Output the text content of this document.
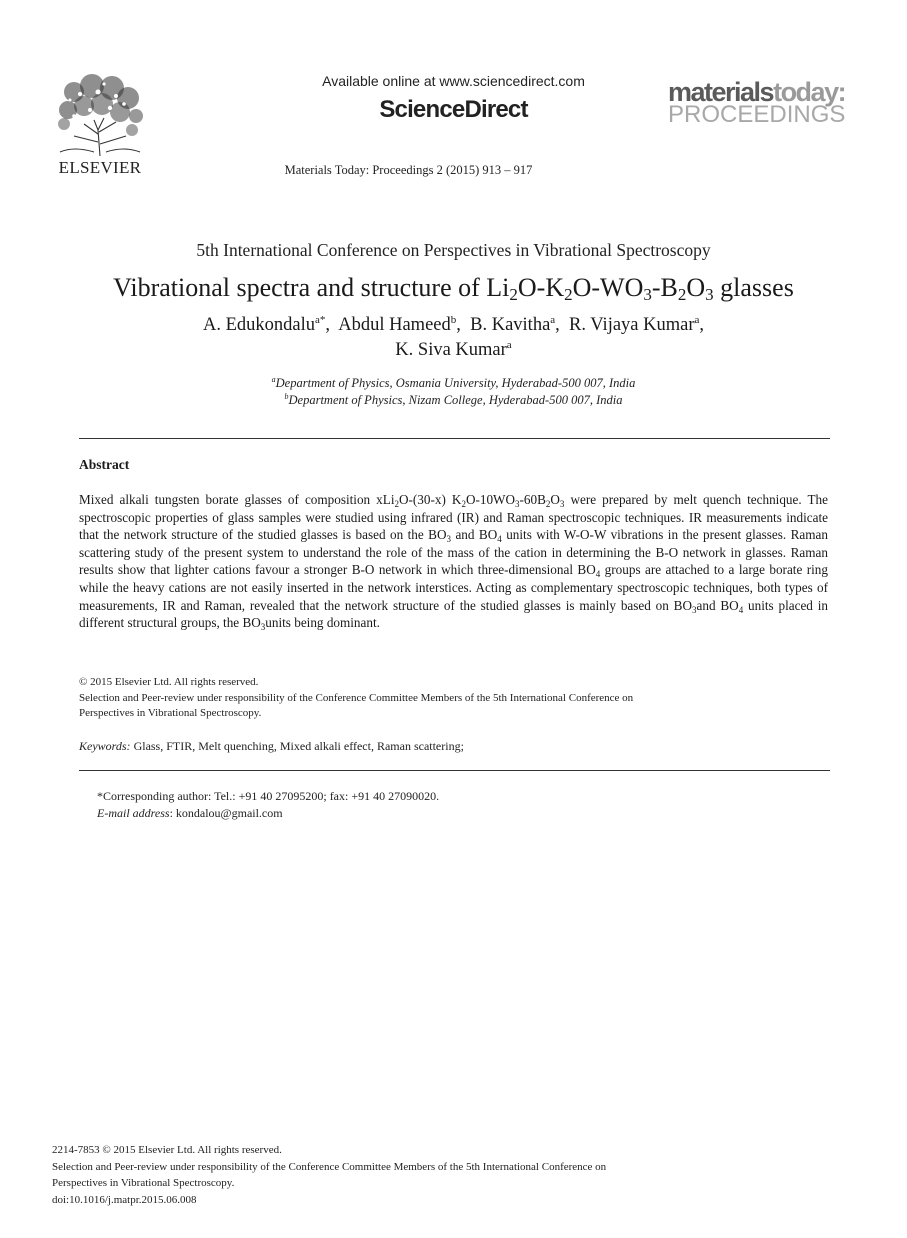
ELSEVIER
Available online at www.sciencedirect.com
ScienceDirect
Materials Today: Proceedings 2 (2015) 913 – 917
materialstoday:
PROCEEDINGS
5th International Conference on Perspectives in Vibrational Spectroscopy
Vibrational spectra and structure of $Li_2O-K_2O-WO_3-B_2O_3$ glasses
A. Edukondalu$^{a*}$,  Abdul Hameed$^b$,  B. Kavitha$^a$,  R. Vijaya Kumar$^a$,
K. Siva Kumar$^a$
$^a$Department of Physics, Osmania University, Hyderabad-500 007, India
$^b$Department of Physics, Nizam College, Hyderabad-500 007, India
Abstract
Mixed alkali tungsten borate glasses of composition xLi$_2$O-(30-x) $K_2O-10WO_3-60B_2O_3$ were prepared by melt quench technique. The spectroscopic properties of glass samples were studied using infrared (IR) and Raman spectroscopic techniques. IR measurements indicate that the network structure of the studied glasses is based on the $BO_3$ and $BO_4$ units with W-O-W vibrations in the present glasses. Raman scattering study of the present system to understand the role of the mass of the cation in determining the B-O network in glasses. Raman results show that lighter cations favour a stronger B-O network in which three-dimensional $BO_4$ groups are attached to a large borate ring while the heavy cations are not easily inserted in the network interstices. Acting as complementary spectroscopic techniques, both types of measurements, IR and Raman, revealed that the network structure of the studied glasses is mainly based on $BO_3and$ $BO_4$ units placed in different structural groups, the $BO_3units$ being dominant.
© 2015 Elsevier Ltd. All rights reserved.
Selection and Peer-review under responsibility of the Conference Committee Members of the 5th International Conference on
Perspectives in Vibrational Spectroscopy.
Keywords: Glass, FTIR, Melt quenching, Mixed alkali effect, Raman scattering;
*Corresponding author: Tel.: +91 40 27095200; fax: +91 40 27090020.
E-mail address: kondalou@gmail.com
2214-7853 © 2015 Elsevier Ltd. All rights reserved.
Selection and Peer-review under responsibility of the Conference Committee Members of the 5th International Conference on
Perspectives in Vibrational Spectroscopy.
doi:10.1016/j.matpr.2015.06.008
